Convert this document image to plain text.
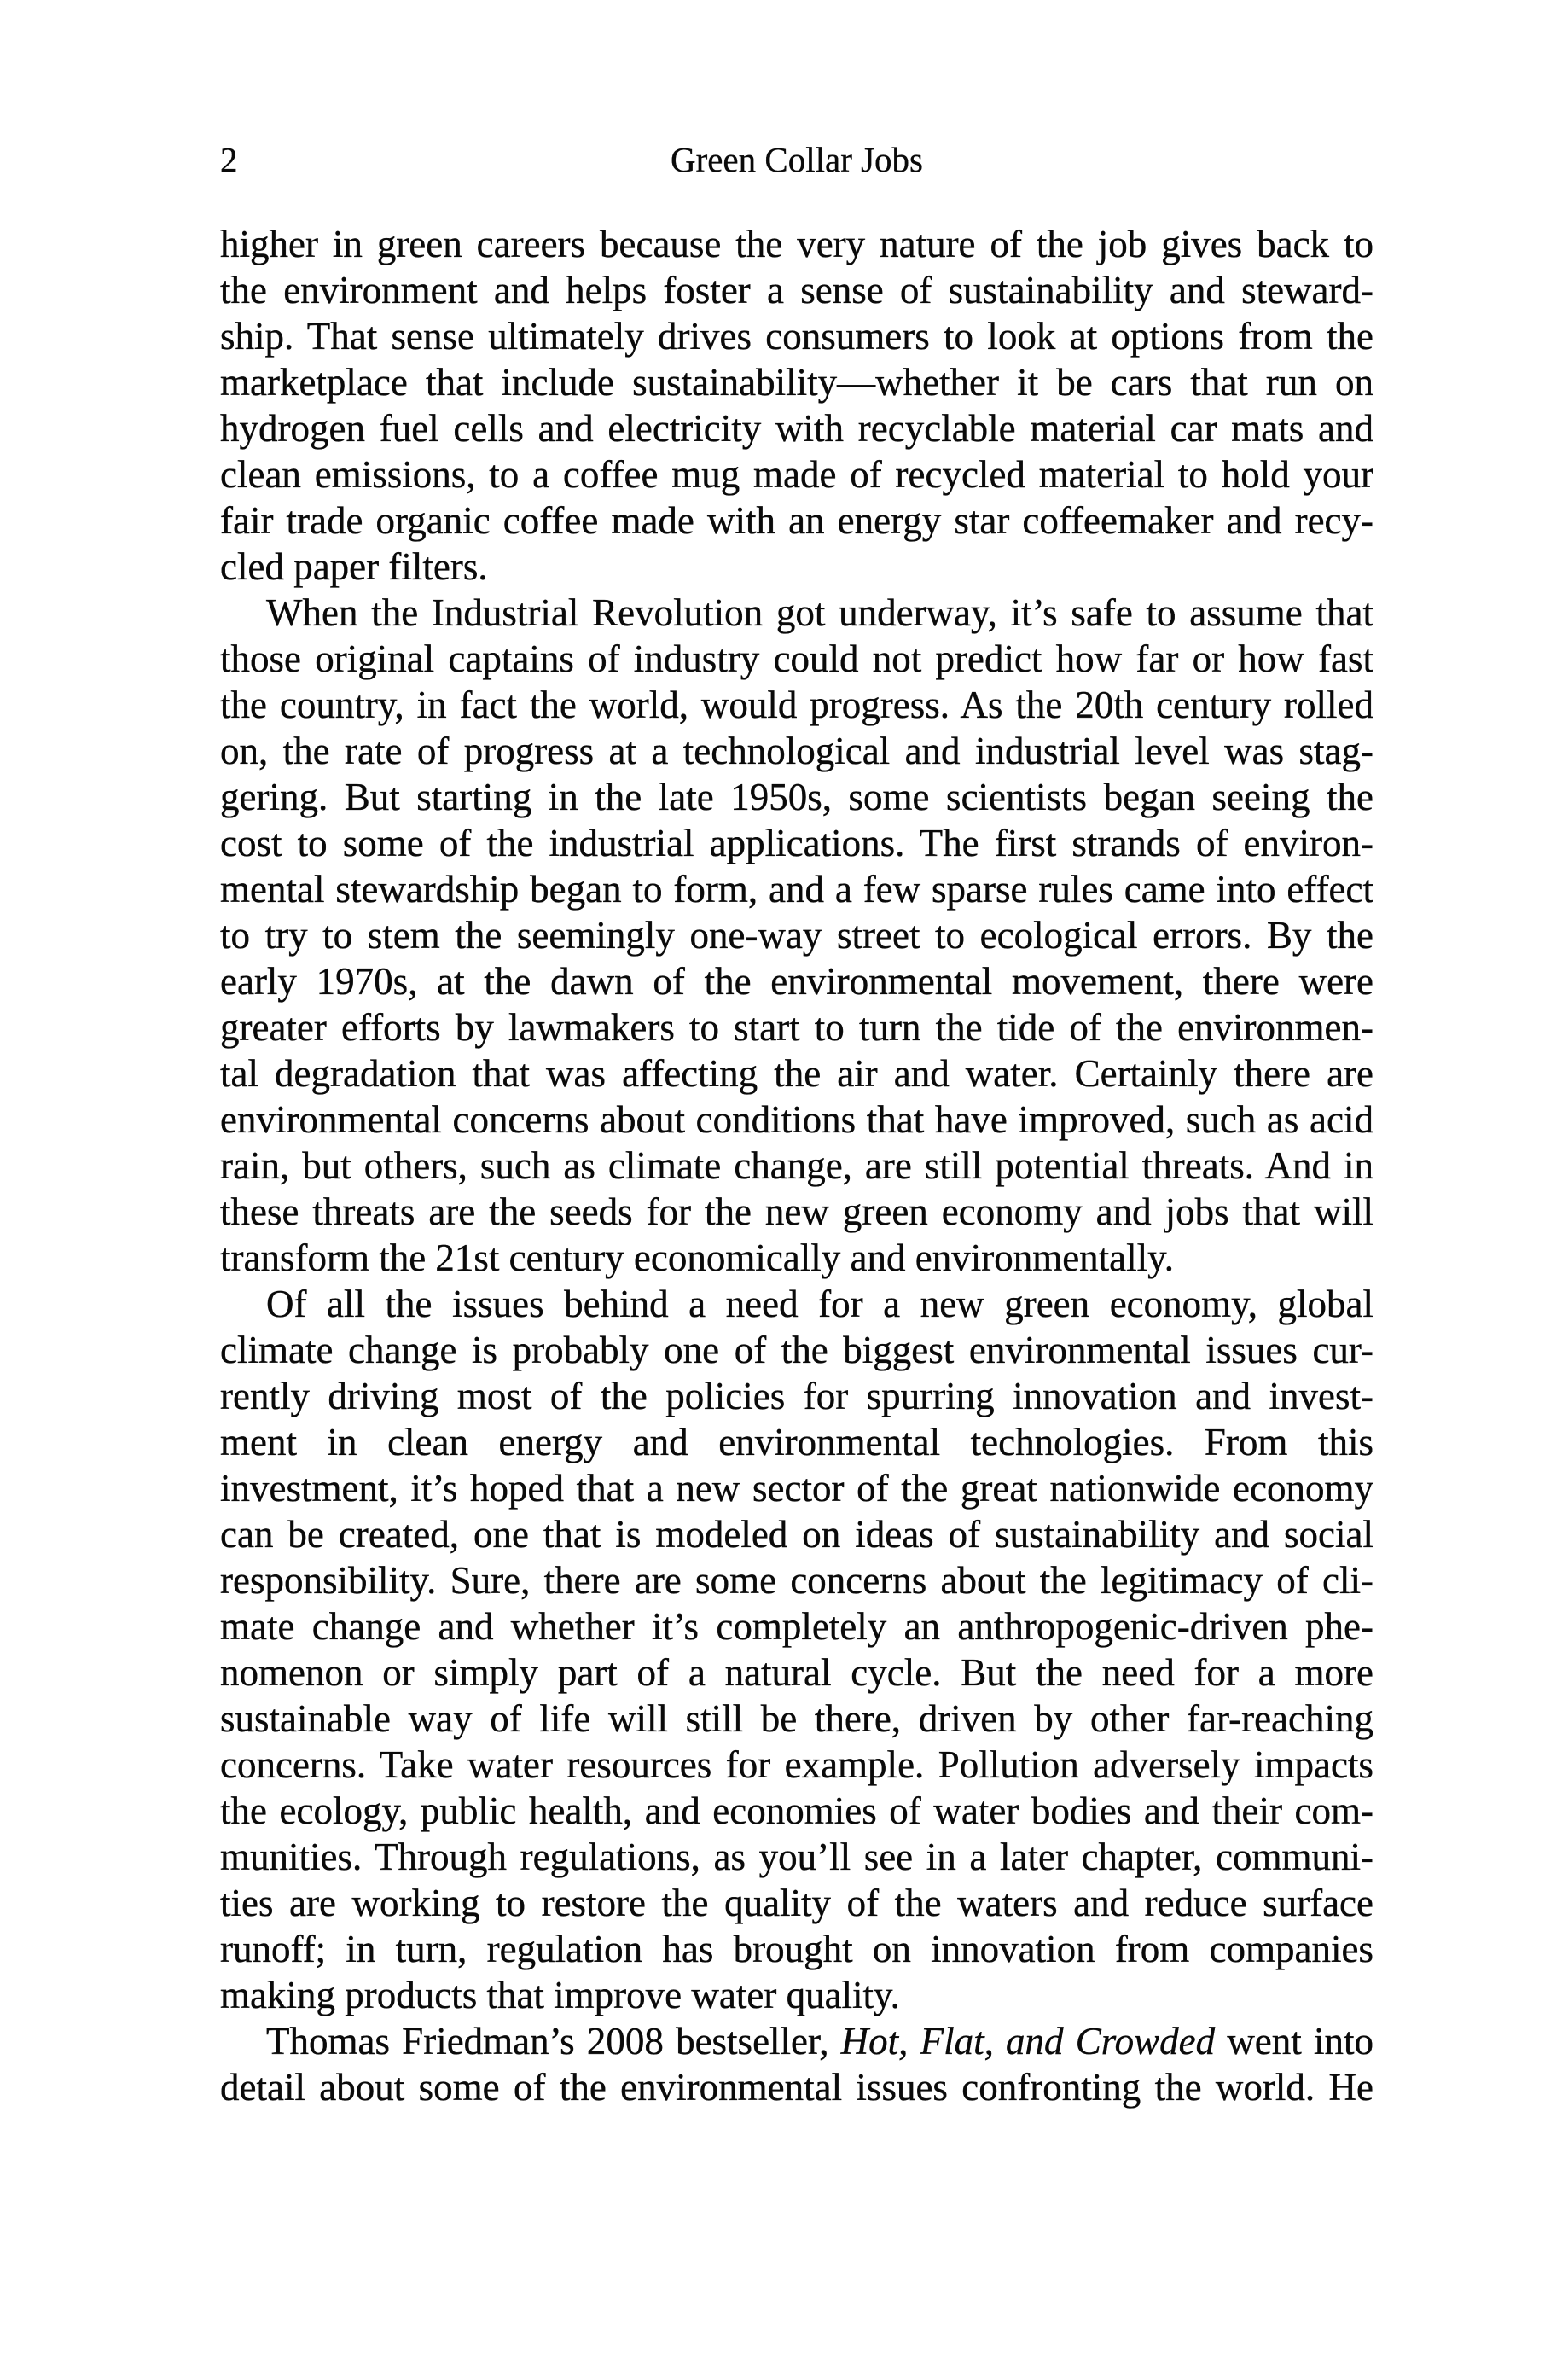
2	Green Collar Jobs
higher in green careers because the very nature of the job gives back to
the environment and helps foster a sense of sustainability and steward-
ship. That sense ultimately drives consumers to look at options from the
marketplace that include sustainability—whether it be cars that run on
hydrogen fuel cells and electricity with recyclable material car mats and
clean emissions, to a coffee mug made of recycled material to hold your
fair trade organic coffee made with an energy star coffeemaker and recy-
cled paper filters.
When the Industrial Revolution got underway, it’s safe to assume that
those original captains of industry could not predict how far or how fast
the country, in fact the world, would progress. As the 20th century rolled
on, the rate of progress at a technological and industrial level was stag-
gering. But starting in the late 1950s, some scientists began seeing the
cost to some of the industrial applications. The first strands of environ-
mental stewardship began to form, and a few sparse rules came into effect
to try to stem the seemingly one-way street to ecological errors. By the
early 1970s, at the dawn of the environmental movement, there were
greater efforts by lawmakers to start to turn the tide of the environmen-
tal degradation that was affecting the air and water. Certainly there are
environmental concerns about conditions that have improved, such as acid
rain, but others, such as climate change, are still potential threats. And in
these threats are the seeds for the new green economy and jobs that will
transform the 21st century economically and environmentally.
Of all the issues behind a need for a new green economy, global
climate change is probably one of the biggest environmental issues cur-
rently driving most of the policies for spurring innovation and invest-
ment in clean energy and environmental technologies. From this
investment, it’s hoped that a new sector of the great nationwide economy
can be created, one that is modeled on ideas of sustainability and social
responsibility. Sure, there are some concerns about the legitimacy of cli-
mate change and whether it’s completely an anthropogenic-driven phe-
nomenon or simply part of a natural cycle. But the need for a more
sustainable way of life will still be there, driven by other far-reaching
concerns. Take water resources for example. Pollution adversely impacts
the ecology, public health, and economies of water bodies and their com-
munities. Through regulations, as you’ll see in a later chapter, communi-
ties are working to restore the quality of the waters and reduce surface
runoff; in turn, regulation has brought on innovation from companies
making products that improve water quality.
Thomas Friedman’s 2008 bestseller, Hot, Flat, and Crowded went into
detail about some of the environmental issues confronting the world. He
